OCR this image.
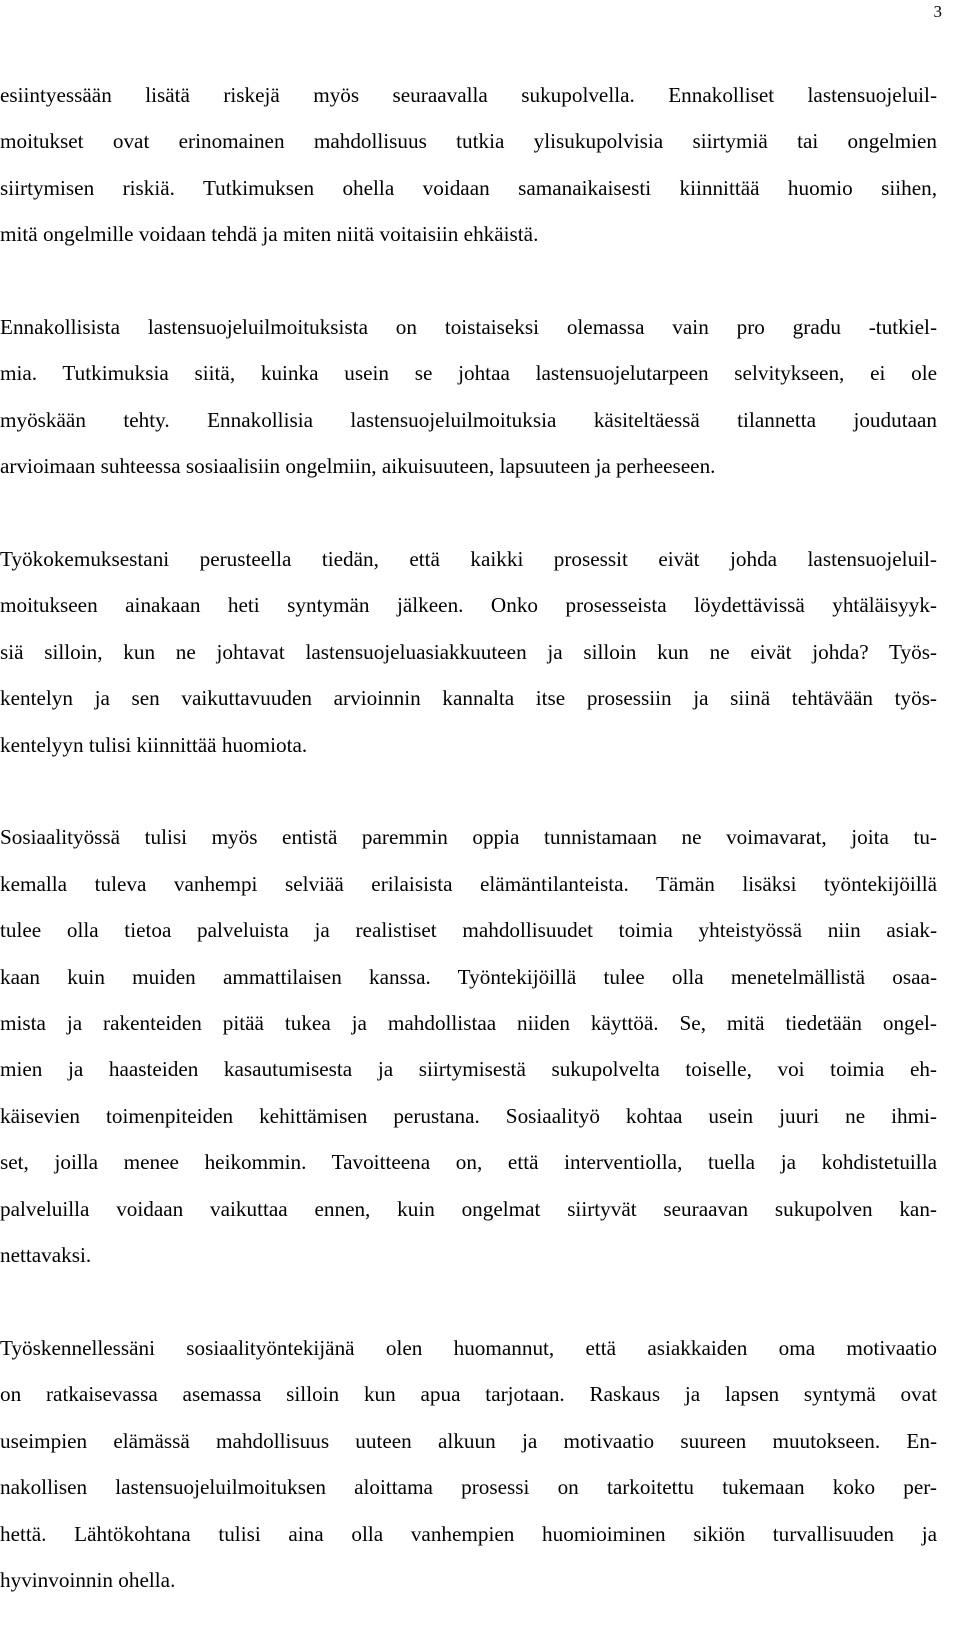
3
esiintyessään lisätä riskejä myös seuraavalla sukupolvella. Ennakolliset lastensuojeluil-
moitukset ovat erinomainen mahdollisuus tutkia ylisukupolvisia siirtymiä tai ongelmien
siirtymisen riskiä. Tutkimuksen ohella voidaan samanaikaisesti kiinnittää huomio siihen,
mitä ongelmille voidaan tehdä ja miten niitä voitaisiin ehkäistä.
Ennakollisista lastensuojeluilmoituksista on toistaiseksi olemassa vain pro gradu -tutkiel-
mia. Tutkimuksia siitä, kuinka usein se johtaa lastensuojelutarpeen selvitykseen, ei ole
myöskään tehty. Ennakollisia lastensuojeluilmoituksia käsiteltäessä tilannetta joudutaan
arvioimaan suhteessa sosiaalisiin ongelmiin, aikuisuuteen, lapsuuteen ja perheeseen.
Työkokemuksestani perusteella tiedän, että kaikki prosessit eivät johda lastensuojeluil-
moitukseen ainakaan heti syntymän jälkeen. Onko prosesseista löydettävissä yhtäläisyyk-
siä silloin, kun ne johtavat lastensuojeluasiakkuuteen ja silloin kun ne eivät johda? Työs-
kentelyn ja sen vaikuttavuuden arvioinnin kannalta itse prosessiin ja siinä tehtävään työs-
kentelyyn tulisi kiinnittää huomiota.
Sosiaalityössä tulisi myös entistä paremmin oppia tunnistamaan ne voimavarat, joita tu-
kemalla tuleva vanhempi selviää erilaisista elämäntilanteista. Tämän lisäksi työntekijöillä
tulee olla tietoa palveluista ja realistiset mahdollisuudet toimia yhteistyössä niin asiak-
kaan kuin muiden ammattilaisen kanssa. Työntekijöillä tulee olla menetelmällistä osaa-
mista ja rakenteiden pitää tukea ja mahdollistaa niiden käyttöä. Se, mitä tiedetään ongel-
mien ja haasteiden kasautumisesta ja siirtymisestä sukupolvelta toiselle, voi toimia eh-
käisevien toimenpiteiden kehittämisen perustana. Sosiaalityö kohtaa usein juuri ne ihmi-
set, joilla menee heikommin. Tavoitteena on, että interventiolla, tuella ja kohdistetuilla
palveluilla voidaan vaikuttaa ennen, kuin ongelmat siirtyvät seuraavan sukupolven kan-
nettavaksi.
Työskennellessäni sosiaalityöntekijänä olen huomannut, että asiakkaiden oma motivaatio
on ratkaisevassa asemassa silloin kun apua tarjotaan. Raskaus ja lapsen syntymä ovat
useimpien elämässä mahdollisuus uuteen alkuun ja motivaatio suureen muutokseen. En-
nakollisen lastensuojeluilmoituksen aloittama prosessi on tarkoitettu tukemaan koko per-
hettä. Lähtökohtana tulisi aina olla vanhempien huomioiminen sikiön turvallisuuden ja
hyvinvoinnin ohella.
